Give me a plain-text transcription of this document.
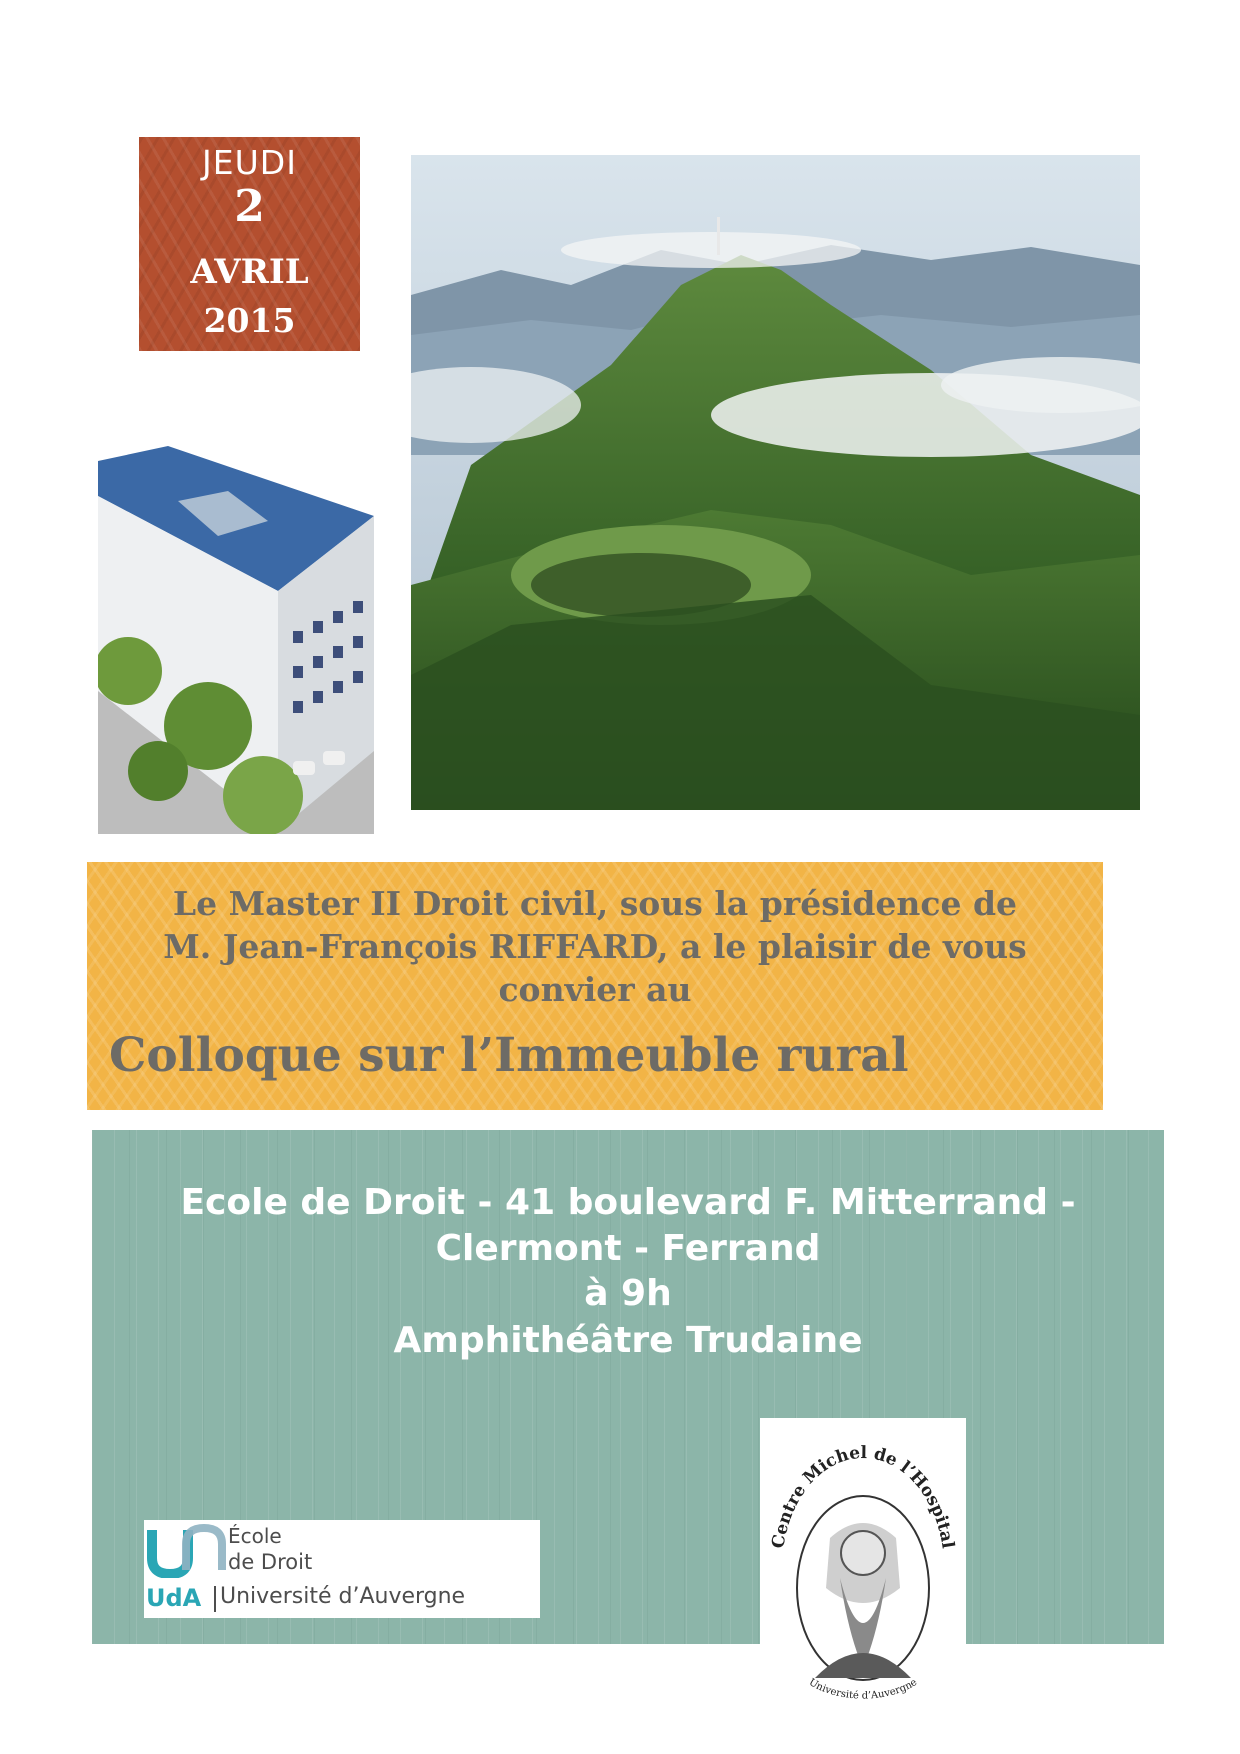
JEUDI
2
AVRIL
2015
Le Master II Droit civil, sous la présidence de
M. Jean-François RIFFARD, a le plaisir de vous
convier au
Colloque sur l’Immeuble rural
Ecole de Droit - 41 boulevard F. Mitterrand -
Clermont - Ferrand
à 9h
Amphithéâtre Trudaine
École
de Droit
UdA Université d’Auvergne
Centre Michel de l’Hospital
Université d’Auvergne
